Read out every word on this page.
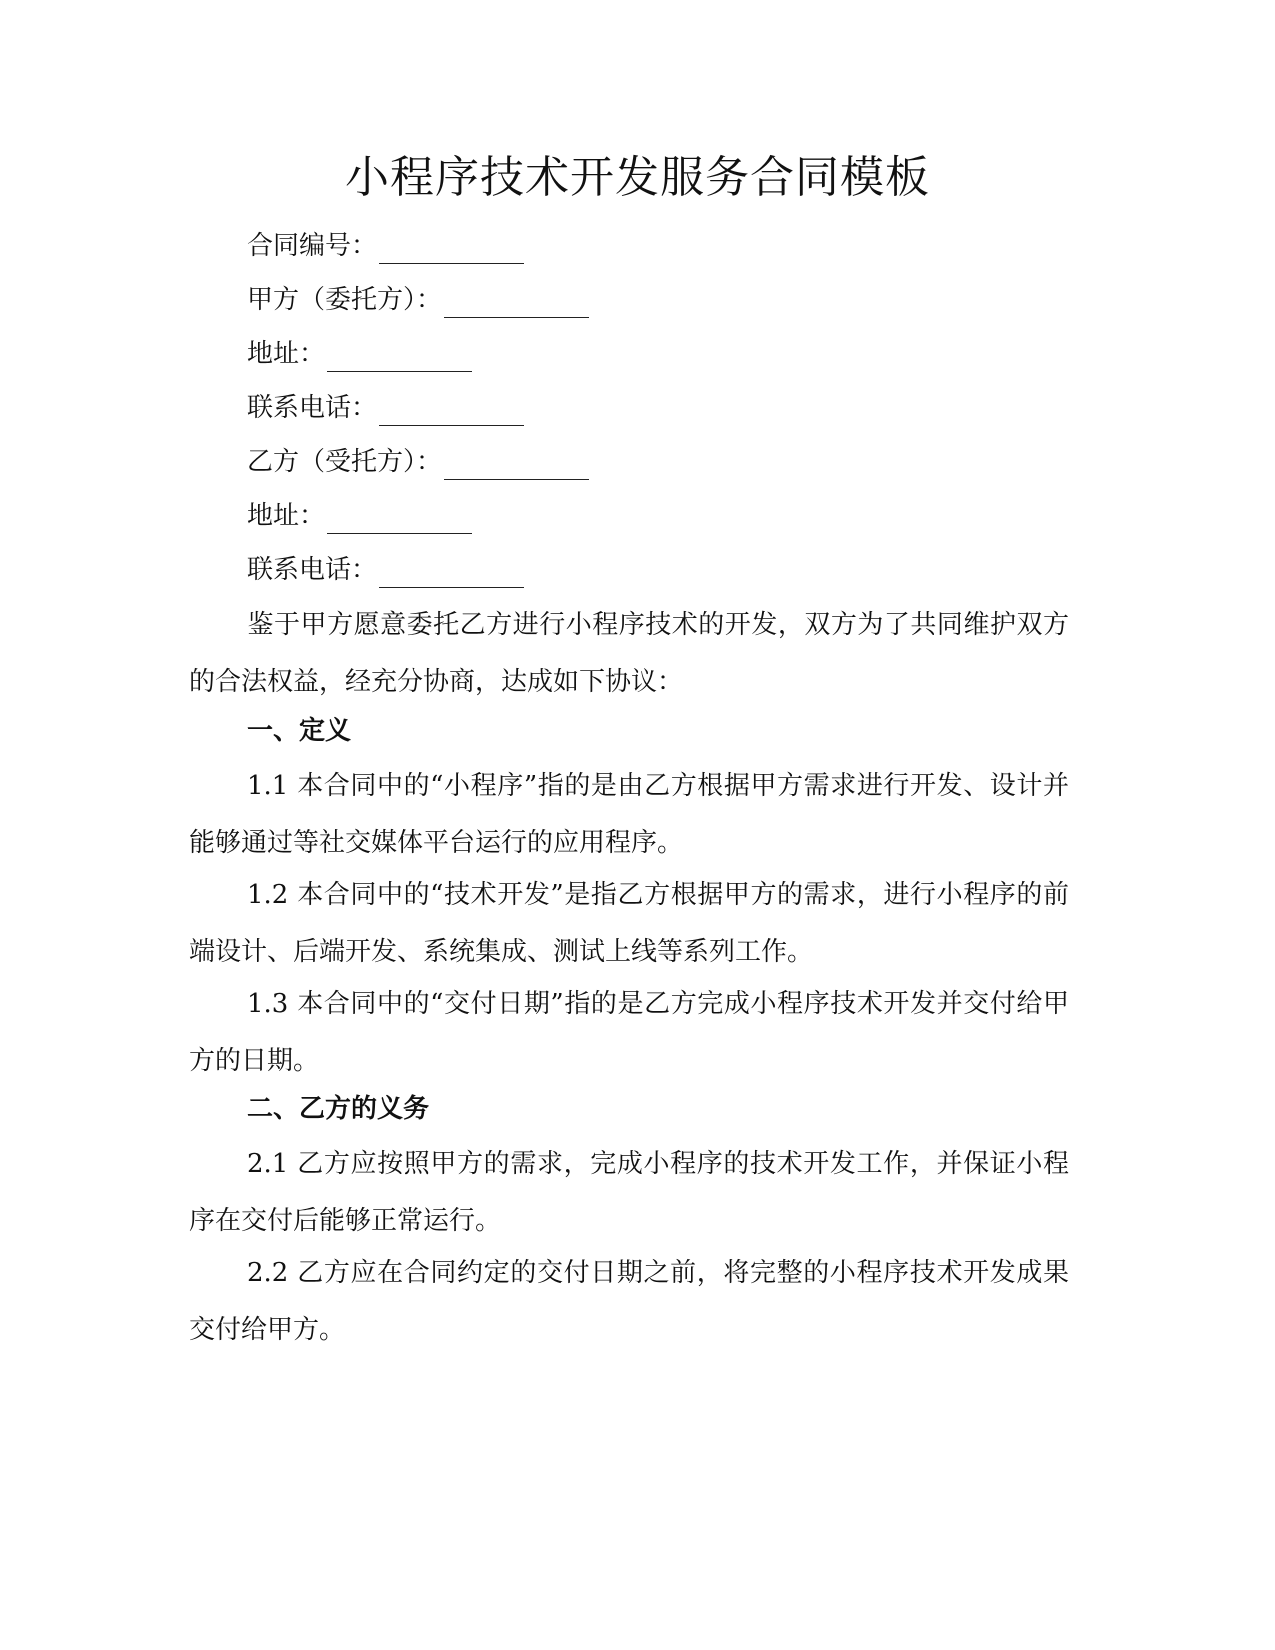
小程序技术开发服务合同模板
合同编号：
甲方（委托方）：
地址：
联系电话：
乙方（受托方）：
地址：
联系电话：

鉴于甲方愿意委托乙方进行小程序技术的开发，双方为了共同维护双方的合法权益，经充分协商，达成如下协议：

一、定义

1.1 本合同中的“小程序”指的是由乙方根据甲方需求进行开发、设计并能够通过等社交媒体平台运行的应用程序。

1.2 本合同中的“技术开发”是指乙方根据甲方的需求，进行小程序的前端设计、后端开发、系统集成、测试上线等系列工作。

1.3 本合同中的“交付日期”指的是乙方完成小程序技术开发并交付给甲方的日期。

二、乙方的义务

2.1 乙方应按照甲方的需求，完成小程序的技术开发工作，并保证小程序在交付后能够正常运行。

2.2 乙方应在合同约定的交付日期之前，将完整的小程序技术开发成果交付给甲方。
